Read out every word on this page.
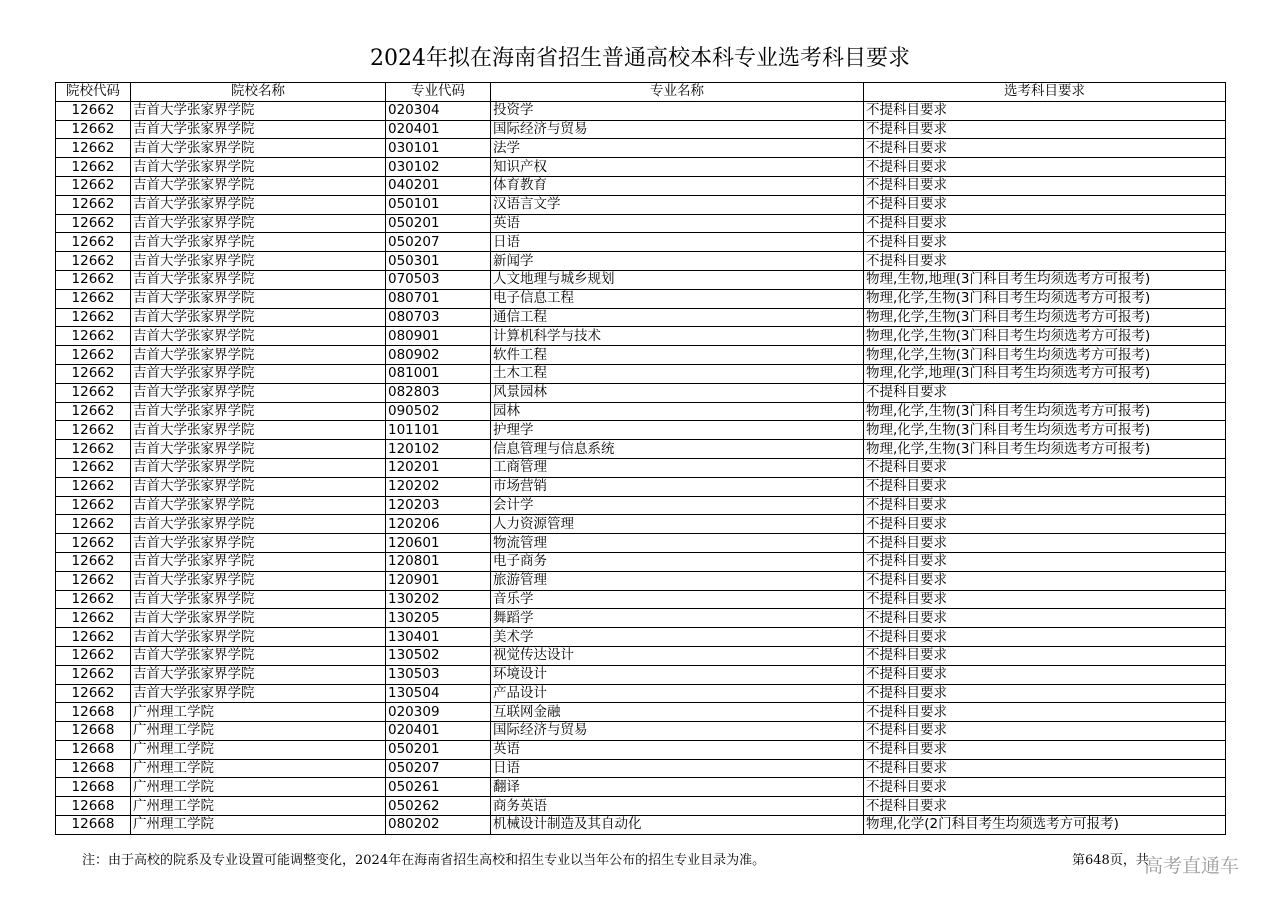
2024年拟在海南省招生普通高校本科专业选考科目要求
院校代码	院校名称	专业代码	专业名称	选考科目要求
12662	吉首大学张家界学院	020304	投资学	不提科目要求
12662	吉首大学张家界学院	020401	国际经济与贸易	不提科目要求
12662	吉首大学张家界学院	030101	法学	不提科目要求
12662	吉首大学张家界学院	030102	知识产权	不提科目要求
12662	吉首大学张家界学院	040201	体育教育	不提科目要求
12662	吉首大学张家界学院	050101	汉语言文学	不提科目要求
12662	吉首大学张家界学院	050201	英语	不提科目要求
12662	吉首大学张家界学院	050207	日语	不提科目要求
12662	吉首大学张家界学院	050301	新闻学	不提科目要求
12662	吉首大学张家界学院	070503	人文地理与城乡规划	物理,生物,地理(3门科目考生均须选考方可报考)
12662	吉首大学张家界学院	080701	电子信息工程	物理,化学,生物(3门科目考生均须选考方可报考)
12662	吉首大学张家界学院	080703	通信工程	物理,化学,生物(3门科目考生均须选考方可报考)
12662	吉首大学张家界学院	080901	计算机科学与技术	物理,化学,生物(3门科目考生均须选考方可报考)
12662	吉首大学张家界学院	080902	软件工程	物理,化学,生物(3门科目考生均须选考方可报考)
12662	吉首大学张家界学院	081001	土木工程	物理,化学,地理(3门科目考生均须选考方可报考)
12662	吉首大学张家界学院	082803	风景园林	不提科目要求
12662	吉首大学张家界学院	090502	园林	物理,化学,生物(3门科目考生均须选考方可报考)
12662	吉首大学张家界学院	101101	护理学	物理,化学,生物(3门科目考生均须选考方可报考)
12662	吉首大学张家界学院	120102	信息管理与信息系统	物理,化学,生物(3门科目考生均须选考方可报考)
12662	吉首大学张家界学院	120201	工商管理	不提科目要求
12662	吉首大学张家界学院	120202	市场营销	不提科目要求
12662	吉首大学张家界学院	120203	会计学	不提科目要求
12662	吉首大学张家界学院	120206	人力资源管理	不提科目要求
12662	吉首大学张家界学院	120601	物流管理	不提科目要求
12662	吉首大学张家界学院	120801	电子商务	不提科目要求
12662	吉首大学张家界学院	120901	旅游管理	不提科目要求
12662	吉首大学张家界学院	130202	音乐学	不提科目要求
12662	吉首大学张家界学院	130205	舞蹈学	不提科目要求
12662	吉首大学张家界学院	130401	美术学	不提科目要求
12662	吉首大学张家界学院	130502	视觉传达设计	不提科目要求
12662	吉首大学张家界学院	130503	环境设计	不提科目要求
12662	吉首大学张家界学院	130504	产品设计	不提科目要求
12668	广州理工学院	020309	互联网金融	不提科目要求
12668	广州理工学院	020401	国际经济与贸易	不提科目要求
12668	广州理工学院	050201	英语	不提科目要求
12668	广州理工学院	050207	日语	不提科目要求
12668	广州理工学院	050261	翻译	不提科目要求
12668	广州理工学院	050262	商务英语	不提科目要求
12668	广州理工学院	080202	机械设计制造及其自动化	物理,化学(2门科目考生均须选考方可报考)
注：由于高校的院系及专业设置可能调整变化，2024年在海南省招生高校和招生专业以当年公布的招生专业目录为准。	第648页，共
高考直通车
